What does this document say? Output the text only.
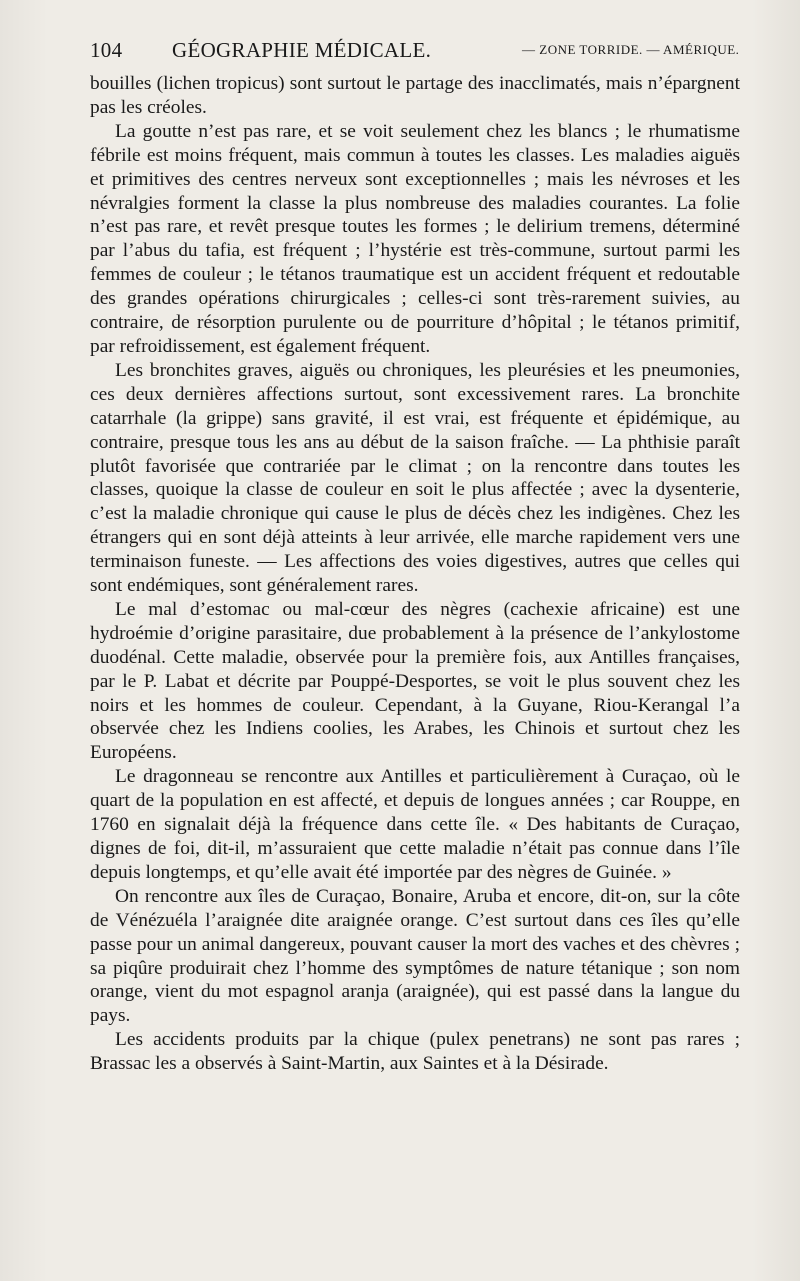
104 GÉOGRAPHIE MÉDICALE.	— ZONE TORRIDE. — AMÉRIQUE.

bouilles (lichen tropicus) sont surtout le partage des inacclimatés, mais n’épargnent pas les créoles.

La goutte n’est pas rare, et se voit seulement chez les blancs ; le rhumatisme fébrile est moins fréquent, mais commun à toutes les classes. Les maladies aiguës et primitives des centres nerveux sont exceptionnelles ; mais les névroses et les névralgies forment la classe la plus nombreuse des maladies courantes. La folie n’est pas rare, et revêt presque toutes les formes ; le delirium tremens, déterminé par l’abus du tafia, est fréquent ; l’hystérie est très-commune, surtout parmi les femmes de couleur ; le tétanos traumatique est un accident fréquent et redoutable des grandes opérations chirurgicales ; celles-ci sont très-rarement suivies, au contraire, de résorption purulente ou de pourriture d’hôpital ; le tétanos primitif, par refroidissement, est également fréquent.

Les bronchites graves, aiguës ou chroniques, les pleurésies et les pneumonies, ces deux dernières affections surtout, sont excessivement rares. La bronchite catarrhale (la grippe) sans gravité, il est vrai, est fréquente et épidémique, au contraire, presque tous les ans au début de la saison fraîche. — La phthisie paraît plutôt favorisée que contrariée par le climat ; on la rencontre dans toutes les classes, quoique la classe de couleur en soit le plus affectée ; avec la dysenterie, c’est la maladie chronique qui cause le plus de décès chez les indigènes. Chez les étrangers qui en sont déjà atteints à leur arrivée, elle marche rapidement vers une terminaison funeste. — Les affections des voies digestives, autres que celles qui sont endémiques, sont généralement rares.

Le mal d’estomac ou mal-cœur des nègres (cachexie africaine) est une hydroémie d’origine parasitaire, due probablement à la présence de l’ankylostome duodénal. Cette maladie, observée pour la première fois, aux Antilles françaises, par le P. Labat et décrite par Pouppé-Desportes, se voit le plus souvent chez les noirs et les hommes de couleur. Cependant, à la Guyane, Riou-Kerangal l’a observée chez les Indiens coolies, les Arabes, les Chinois et surtout chez les Européens.

Le dragonneau se rencontre aux Antilles et particulièrement à Curaçao, où le quart de la population en est affecté, et depuis de longues années ; car Rouppe, en 1760 en signalait déjà la fréquence dans cette île. « Des habitants de Curaçao, dignes de foi, dit-il, m’assuraient que cette maladie n’était pas connue dans l’île depuis longtemps, et qu’elle avait été importée par des nègres de Guinée. »

On rencontre aux îles de Curaçao, Bonaire, Aruba et encore, dit-on, sur la côte de Vénézuéla l’araignée dite araignée orange. C’est surtout dans ces îles qu’elle passe pour un animal dangereux, pouvant causer la mort des vaches et des chèvres ; sa piqûre produirait chez l’homme des symptômes de nature tétanique ; son nom orange, vient du mot espagnol aranja (araignée), qui est passé dans la langue du pays.

Les accidents produits par la chique (pulex penetrans) ne sont pas rares ; Brassac les a observés à Saint-Martin, aux Saintes et à la Désirade.
